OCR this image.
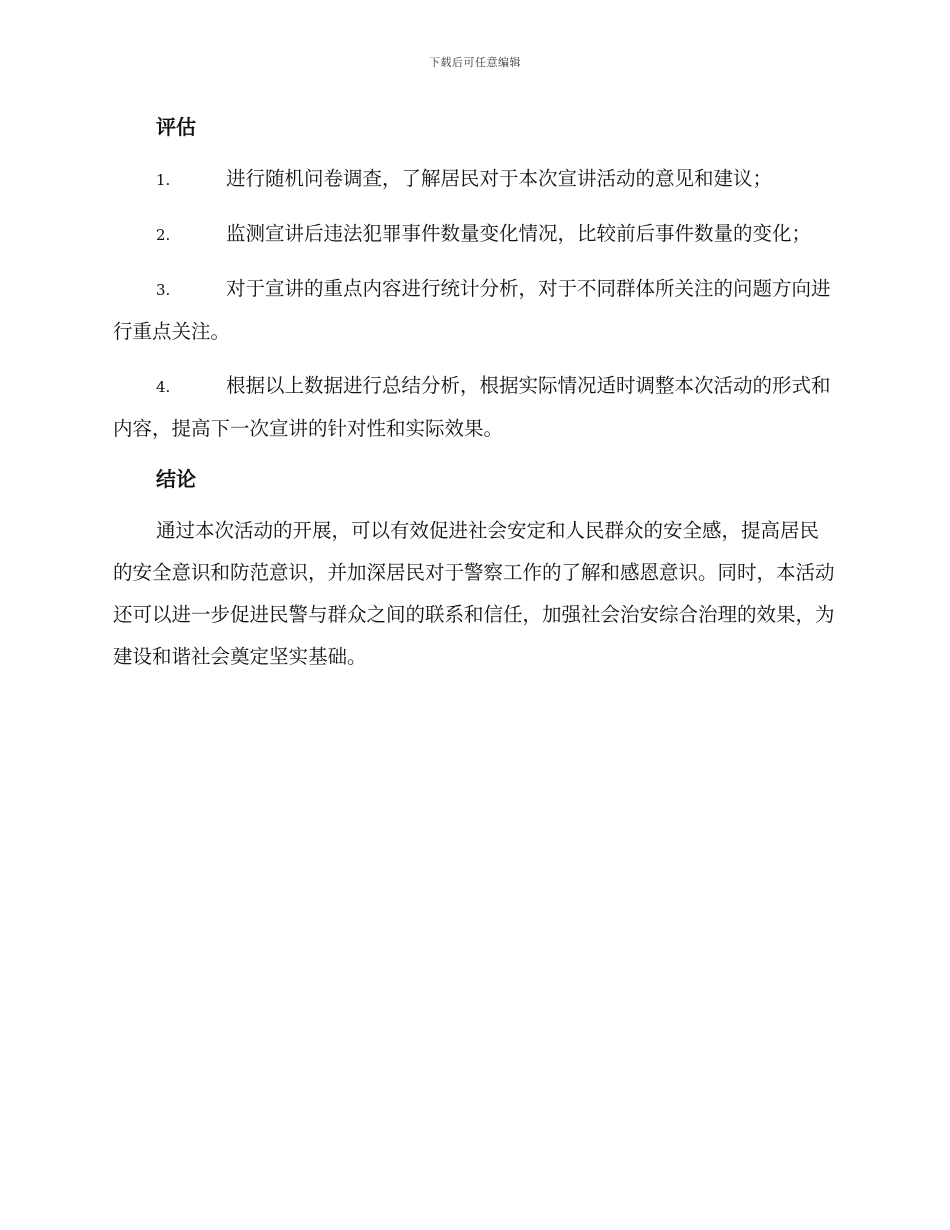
下载后可任意编辑
评估

1.	进行随机问卷调查，了解居民对于本次宣讲活动的意见和建议；

2.	监测宣讲后违法犯罪事件数量变化情况，比较前后事件数量的变化；

3.	对于宣讲的重点内容进行统计分析，对于不同群体所关注的问题方向进行重点关注。

4.	根据以上数据进行总结分析，根据实际情况适时调整本次活动的形式和内容，提高下一次宣讲的针对性和实际效果。

结论

通过本次活动的开展，可以有效促进社会安定和人民群众的安全感，提高居民的安全意识和防范意识，并加深居民对于警察工作的了解和感恩意识。同时，本活动还可以进一步促进民警与群众之间的联系和信任，加强社会治安综合治理的效果，为建设和谐社会奠定坚实基础。
